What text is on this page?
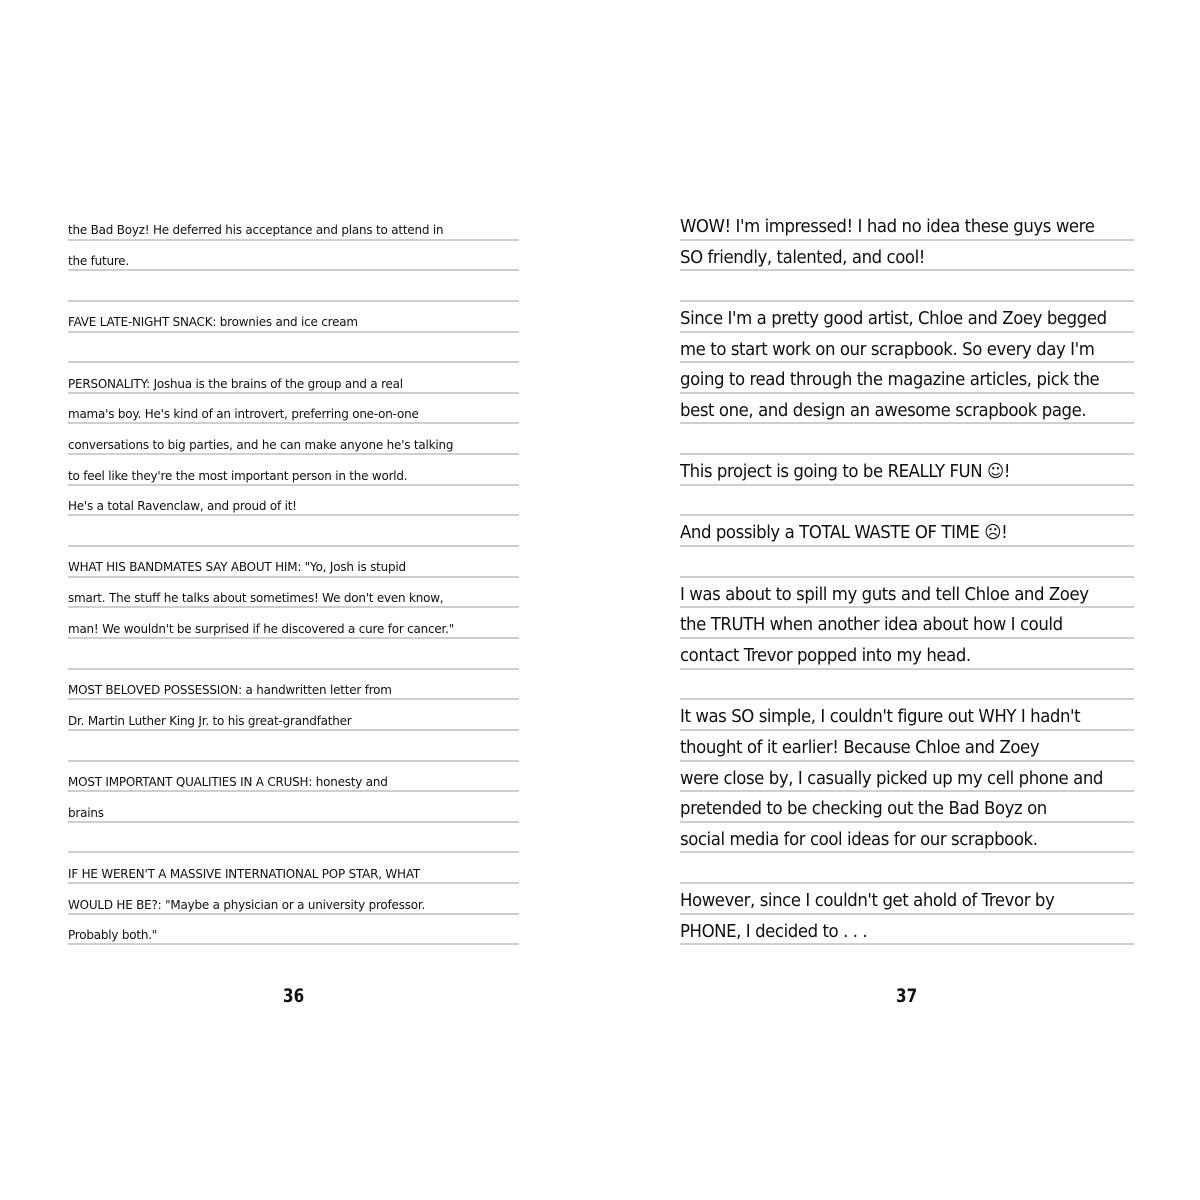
the Bad Boyz! He deferred his acceptance and plans to attend in
the future.
FAVE LATE-NIGHT SNACK: brownies and ice cream
PERSONALITY: Joshua is the brains of the group and a real
mama's boy. He's kind of an introvert, preferring one-on-one
conversations to big parties, and he can make anyone he's talking
to feel like they're the most important person in the world.
He's a total Ravenclaw, and proud of it!
WHAT HIS BANDMATES SAY ABOUT HIM: "Yo, Josh is stupid
smart. The stuff he talks about sometimes! We don't even know,
man! We wouldn't be surprised if he discovered a cure for cancer."
MOST BELOVED POSSESSION: a handwritten letter from
Dr. Martin Luther King Jr. to his great-grandfather
MOST IMPORTANT QUALITIES IN A CRUSH: honesty and
brains
IF HE WEREN'T A MASSIVE INTERNATIONAL POP STAR, WHAT
WOULD HE BE?: "Maybe a physician or a university professor.
Probably both."
WOW! I'm impressed! I had no idea these guys were
SO friendly, talented, and cool!
Since I'm a pretty good artist, Chloe and Zoey begged
me to start work on our scrapbook. So every day I'm
going to read through the magazine articles, pick the
best one, and design an awesome scrapbook page.
This project is going to be REALLY FUN ☺!
And possibly a TOTAL WASTE OF TIME ☹!
I was about to spill my guts and tell Chloe and Zoey
the TRUTH when another idea about how I could
contact Trevor popped into my head.
It was SO simple, I couldn't figure out WHY I hadn't
thought of it earlier! Because Chloe and Zoey
were close by, I casually picked up my cell phone and
pretended to be checking out the Bad Boyz on
social media for cool ideas for our scrapbook.
However, since I couldn't get ahold of Trevor by
PHONE, I decided to . . .
36	37
